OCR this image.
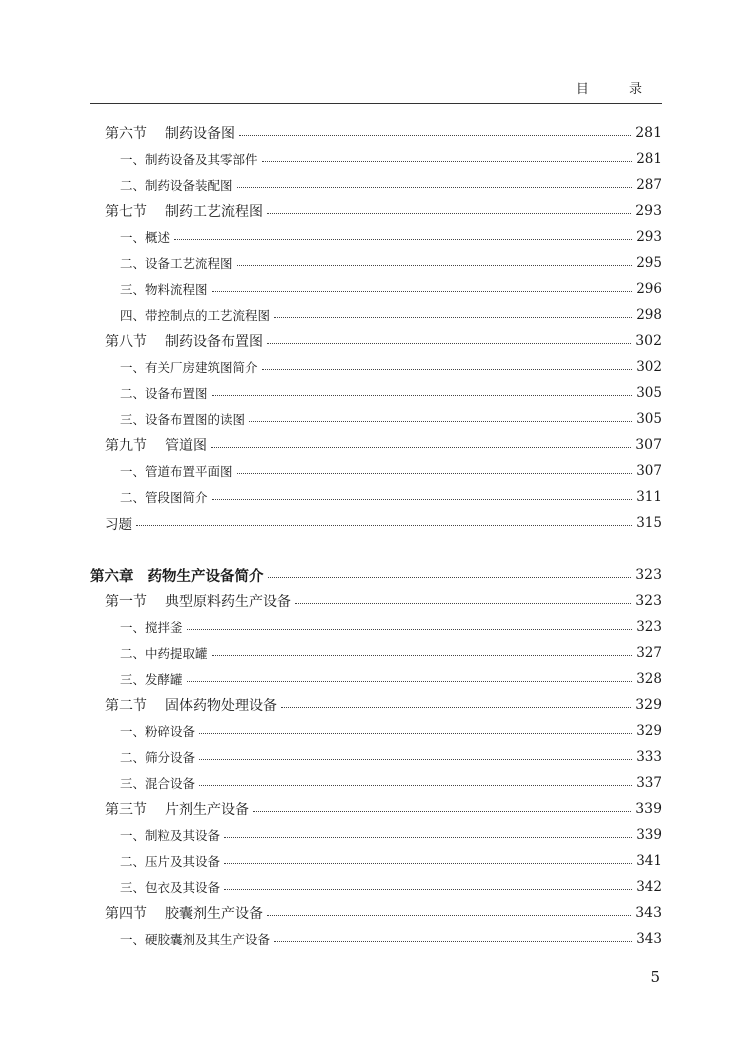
目 录
第六节 制药设备图	281
一、制药设备及其零部件	281
二、制药设备装配图	287
第七节 制药工艺流程图	293
一、概述	293
二、设备工艺流程图	295
三、物料流程图	296
四、带控制点的工艺流程图	298
第八节 制药设备布置图	302
一、有关厂房建筑图简介	302
二、设备布置图	305
三、设备布置图的读图	305
第九节 管道图	307
一、管道布置平面图	307
二、管段图简介	311
习题	315
第六章 药物生产设备简介	323
第一节 典型原料药生产设备	323
一、搅拌釜	323
二、中药提取罐	327
三、发酵罐	328
第二节 固体药物处理设备	329
一、粉碎设备	329
二、筛分设备	333
三、混合设备	337
第三节 片剂生产设备	339
一、制粒及其设备	339
二、压片及其设备	341
三、包衣及其设备	342
第四节 胶囊剂生产设备	343
一、硬胶囊剂及其生产设备	343
5
